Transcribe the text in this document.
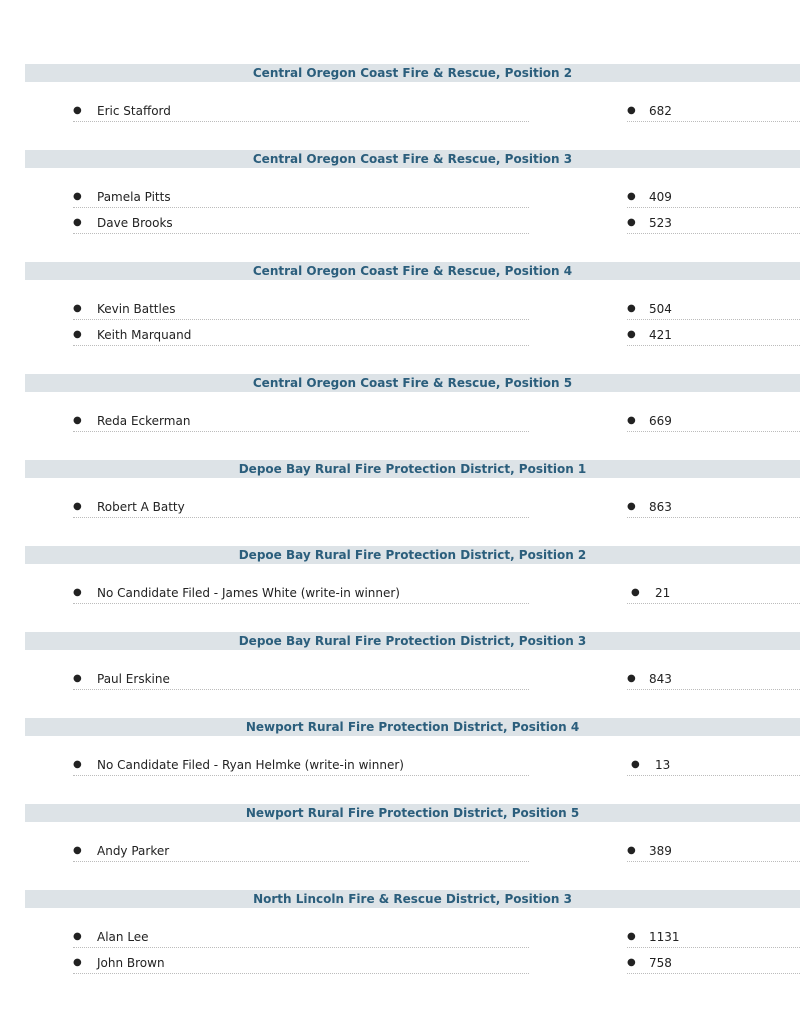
Central Oregon Coast Fire & Rescue, Position 2
● Eric Stafford	● 682
Central Oregon Coast Fire & Rescue, Position 3
● Pamela Pitts	● 409
● Dave Brooks	● 523
Central Oregon Coast Fire & Rescue, Position 4
● Kevin Battles	● 504
● Keith Marquand	● 421
Central Oregon Coast Fire & Rescue, Position 5
● Reda Eckerman	● 669
Depoe Bay Rural Fire Protection District, Position 1
● Robert A Batty	● 863
Depoe Bay Rural Fire Protection District, Position 2
● No Candidate Filed - James White (write-in winner)	● 21
Depoe Bay Rural Fire Protection District, Position 3
● Paul Erskine	● 843
Newport Rural Fire Protection District, Position 4
● No Candidate Filed - Ryan Helmke (write-in winner)	● 13
Newport Rural Fire Protection District, Position 5
● Andy Parker	● 389
North Lincoln Fire & Rescue District, Position 3
● Alan Lee	● 1131
● John Brown	● 758
